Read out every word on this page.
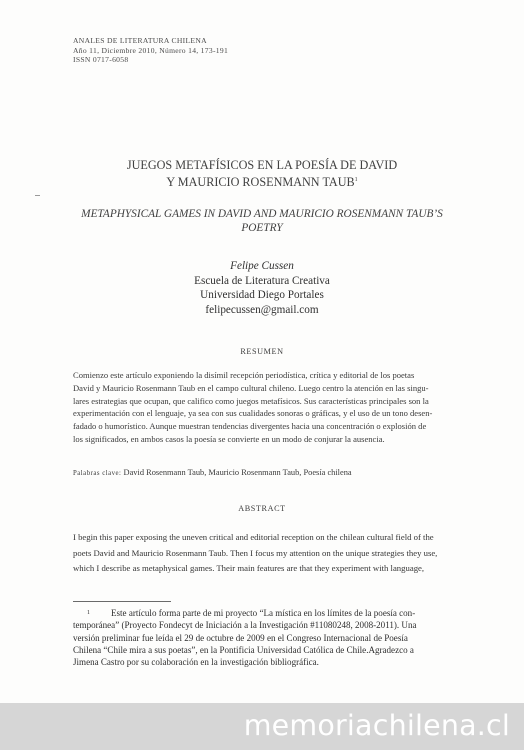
ANALES DE LITERATURA CHILENA
Año 11, Diciembre 2010, Número 14, 173-191
ISSN 0717-6058
JUEGOS METAFÍSICOS EN LA POESÍA DE DAVID
Y MAURICIO ROSENMANN TAUB$^1$
METAPHYSICAL GAMES IN DAVID AND MAURICIO ROSENMANN TAUB’S
POETRY
Felipe Cussen
Escuela de Literatura Creativa
Universidad Diego Portales
felipecussen@gmail.com
RESUMEN
Comienzo este artículo exponiendo la disímil recepción periodística, crítica y editorial de los poetas
David y Mauricio Rosenmann Taub en el campo cultural chileno. Luego centro la atención en las singu-
lares estrategias que ocupan, que califico como juegos metafísicos. Sus características principales son la
experimentación con el lenguaje, ya sea con sus cualidades sonoras o gráficas, y el uso de un tono desen-
fadado o humorístico. Aunque muestran tendencias divergentes hacia una concentración o explosión de
los significados, en ambos casos la poesía se convierte en un modo de conjurar la ausencia.
Palabras clave: David Rosenmann Taub, Mauricio Rosenmann Taub, Poesía chilena
ABSTRACT
I begin this paper exposing the uneven critical and editorial reception on the chilean cultural field of the
poets David and Mauricio Rosenmann Taub. Then I focus my attention on the unique strategies they use,
which I describe as metaphysical games. Their main features are that they experiment with language,
1 Este artículo forma parte de mi proyecto “La mística en los límites de la poesía con-
temporánea” (Proyecto Fondecyt de Iniciación a la Investigación #11080248, 2008-2011). Una
versión preliminar fue leída el 29 de octubre de 2009 en el Congreso Internacional de Poesía
Chilena “Chile mira a sus poetas”, en la Pontificia Universidad Católica de Chile.Agradezco a
Jimena Castro por su colaboración en la investigación bibliográfica.
memoriachilena.cl
